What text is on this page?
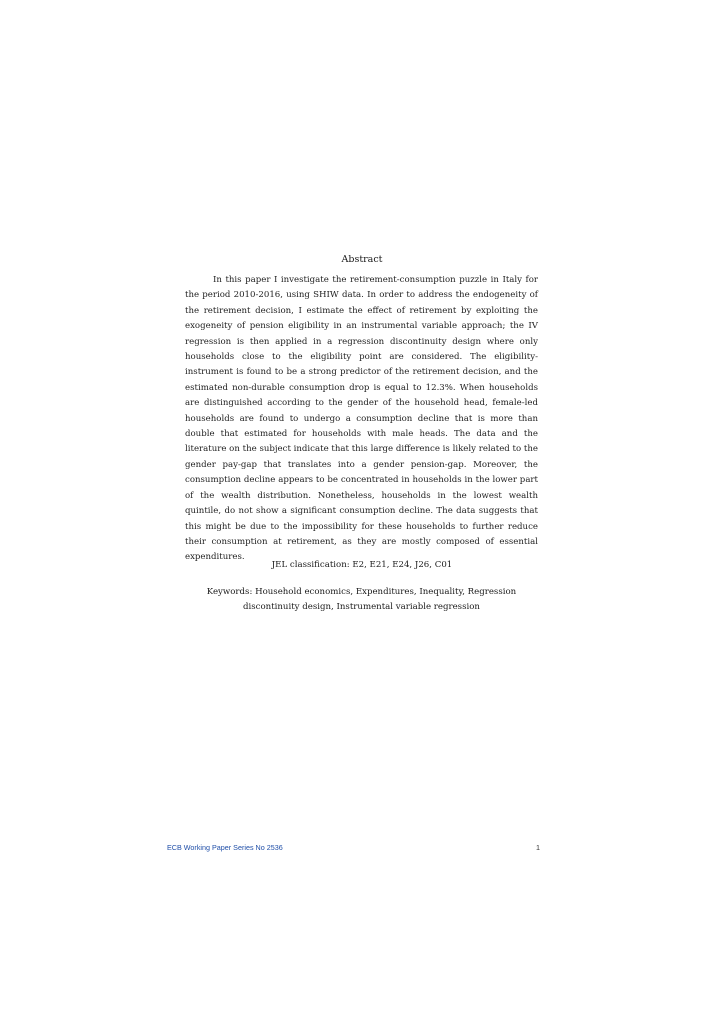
Abstract

In this paper I investigate the retirement-consumption puzzle in Italy for the period 2010-2016, using SHIW data. In order to address the endogeneity of the retirement decision, I estimate the effect of retirement by exploiting the exogeneity of pension eligibility in an instrumental variable approach; the IV regression is then applied in a regression discontinuity design where only households close to the eligibility point are considered. The eligibility-instrument is found to be a strong predictor of the retirement decision, and the estimated non-durable consumption drop is equal to 12.3%. When households are distinguished according to the gender of the household head, female-led households are found to undergo a consumption decline that is more than double that estimated for households with male heads. The data and the literature on the subject indicate that this large difference is likely related to the gender pay-gap that translates into a gender pension-gap. Moreover, the consumption decline appears to be concentrated in households in the lower part of the wealth distribution. Nonetheless, households in the lowest wealth quintile, do not show a significant consumption decline. The data suggests that this might be due to the impossibility for these households to further reduce their consumption at retirement, as they are mostly composed of essential expenditures.

JEL classification: E2, E21, E24, J26, C01

Keywords: Household economics, Expenditures, Inequality, Regression discontinuity design, Instrumental variable regression

ECB Working Paper Series No 2536	1
